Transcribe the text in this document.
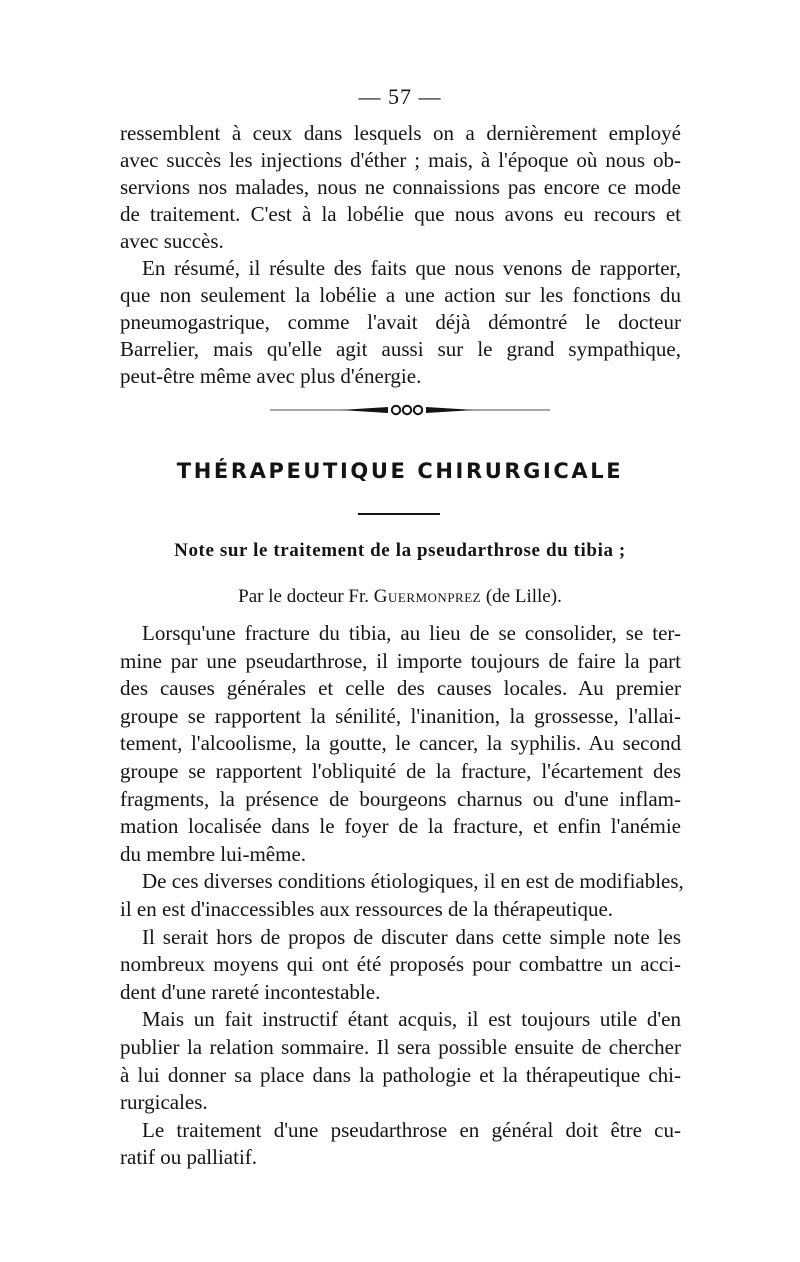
— 57 —

ressemblent à ceux dans lesquels on a dernièrement employé
avec succès les injections d'éther ; mais, à l'époque où nous ob-
servions nos malades, nous ne connaissions pas encore ce mode
de traitement. C'est à la lobélie que nous avons eu recours et
avec succès.

En résumé, il résulte des faits que nous venons de rapporter,
que non seulement la lobélie a une action sur les fonctions du
pneumogastrique, comme l'avait déjà démontré le docteur
Barrelier, mais qu'elle agit aussi sur le grand sympathique,
peut-être même avec plus d'énergie.

THÉRAPEUTIQUE CHIRURGICALE
Note sur le traitement de la pseudarthrose du tibia ;
Par le docteur Fr. Guermonprez (de Lille).

Lorsqu'une fracture du tibia, au lieu de se consolider, se ter-
mine par une pseudarthrose, il importe toujours de faire la part
des causes générales et celle des causes locales. Au premier
groupe se rapportent la sénilité, l'inanition, la grossesse, l'allai-
tement, l'alcoolisme, la goutte, le cancer, la syphilis. Au second
groupe se rapportent l'obliquité de la fracture, l'écartement des
fragments, la présence de bourgeons charnus ou d'une inflam-
mation localisée dans le foyer de la fracture, et enfin l'anémie
du membre lui-même.

De ces diverses conditions étiologiques, il en est de modifiables,
il en est d'inaccessibles aux ressources de la thérapeutique.

Il serait hors de propos de discuter dans cette simple note les
nombreux moyens qui ont été proposés pour combattre un acci-
dent d'une rareté incontestable.

Mais un fait instructif étant acquis, il est toujours utile d'en
publier la relation sommaire. Il sera possible ensuite de chercher
à lui donner sa place dans la pathologie et la thérapeutique chi-
rurgicales.

Le traitement d'une pseudarthrose en général doit être cu-
ratif ou palliatif.
